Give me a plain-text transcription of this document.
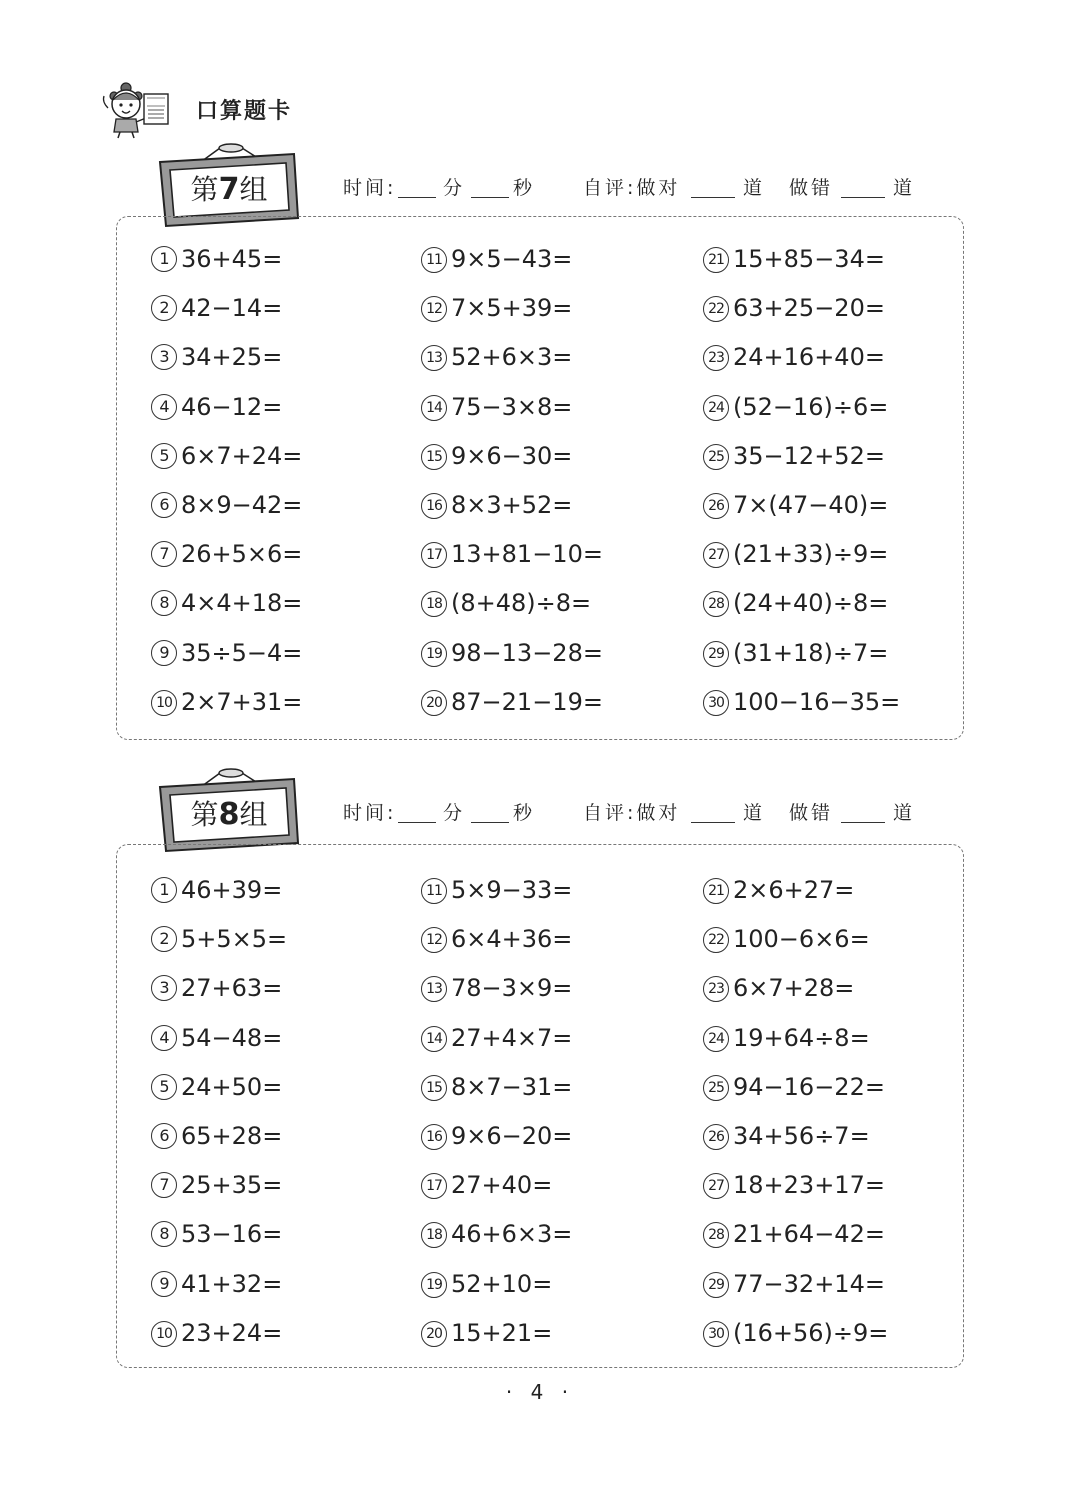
口算题卡
第7组	时间: 分	秒	自评:做对	道 做错	道
1 36+45=
2 42−14=
3 34+25=
4 46−12=
5 6×7+24=
6 8×9−42=
7 26+5×6=
8 4×4+18=
9 35÷5−4=
10 2×7+31=
11 9×5−43=
12 7×5+39=
13 52+6×3=
14 75−3×8=
15 9×6−30=
16 8×3+52=
17 13+81−10=
18 (8+48)÷8=
19 98−13−28=
20 87−21−19=
21 15+85−34=
22 63+25−20=
23 24+16+40=
24 (52−16)÷6=
25 35−12+52=
26 7×(47−40)=
27 (21+33)÷9=
28 (24+40)÷8=
29 (31+18)÷7=
30 100−16−35=
第8组	时间: 分	秒	自评:做对	道 做错	道
1 46+39=
2 5+5×5=
3 27+63=
4 54−48=
5 24+50=
6 65+28=
7 25+35=
8 53−16=
9 41+32=
10 23+24=
11 5×9−33=
12 6×4+36=
13 78−3×9=
14 27+4×7=
15 8×7−31=
16 9×6−20=
17 27+40=
18 46+6×3=
19 52+10=
20 15+21=
21 2×6+27=
22 100−6×6=
23 6×7+28=
24 19+64÷8=
25 94−16−22=
26 34+56÷7=
27 18+23+17=
28 21+64−42=
29 77−32+14=
30 (16+56)÷9=
· 4 ·
